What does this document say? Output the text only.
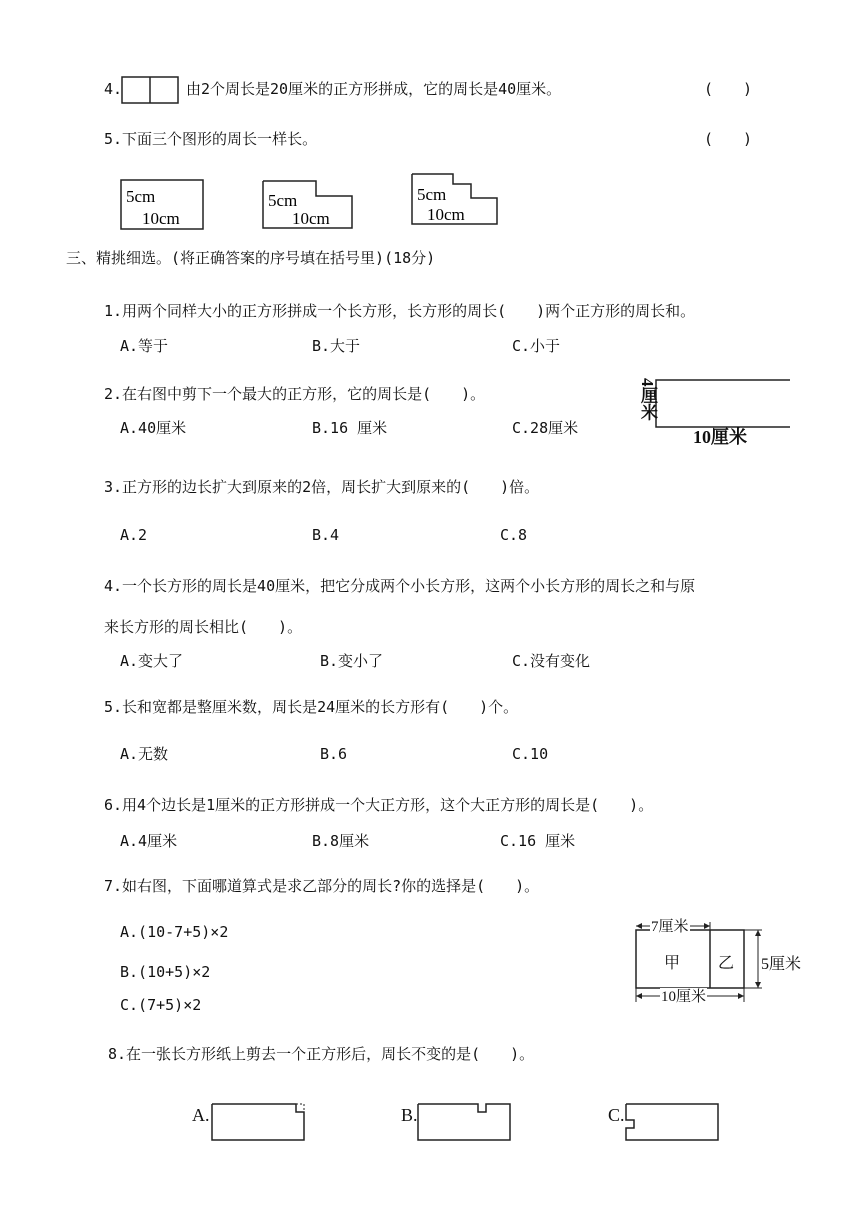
4.	由2个周长是20厘米的正方形拼成，它的周长是40厘米。	(　　)
5.下面三个图形的周长一样长。	(　　)
5cm
10cm
5cm
10cm
5cm
10cm
三、精挑细选。(将正确答案的序号填在括号里)(18分)
1.用两个同样大小的正方形拼成一个长方形，长方形的周长(　　)两个正方形的周长和。
A.等于	B.大于	C.小于
2.在右图中剪下一个最大的正方形，它的周长是(　　)。
A.40厘米	B.16 厘米	C.28厘米
4厘米
10厘米
3.正方形的边长扩大到原来的2倍，周长扩大到原来的(　　)倍。
A.2	B.4	C.8
4.一个长方形的周长是40厘米，把它分成两个小长方形，这两个小长方形的周长之和与原
来长方形的周长相比(　　)。
A.变大了	B.变小了	C.没有变化
5.长和宽都是整厘米数，周长是24厘米的长方形有(　　)个。
A.无数	B.6	C.10
6.用4个边长是1厘米的正方形拼成一个大正方形，这个大正方形的周长是(　　)。
A.4厘米	B.8厘米	C.16 厘米
7.如右图，下面哪道算式是求乙部分的周长?你的选择是(　　)。
A.(10-7+5)×2
B.(10+5)×2
C.(7+5)×2
7厘米
甲 乙 5厘米
10厘米
8.在一张长方形纸上剪去一个正方形后，周长不变的是(　　)。
A.	B.	C.
